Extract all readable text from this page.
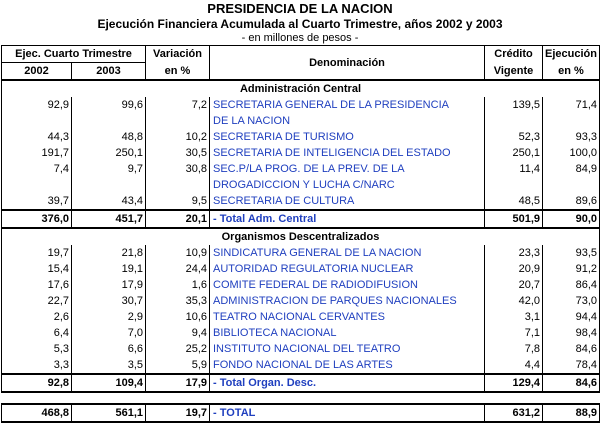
PRESIDENCIA DE LA NACION
Ejecución Financiera Acumulada al Cuarto Trimestre, años 2002 y 2003
- en millones de pesos -
Ejec. Cuarto Trimestre		Variación	Denominación	Crédito	Ejecución
2002	2003	en %		Vigente	en %
Administración Central					
92,9	99,6	7,2	SECRETARIA GENERAL DE LA PRESIDENCIA	139,5	71,4
			DE LA NACION		
44,3	48,8	10,2	SECRETARIA DE TURISMO	52,3	93,3
191,7	250,1	30,5	SECRETARIA DE INTELIGENCIA DEL ESTADO	250,1	100,0
7,4	9,7	30,8	SEC.P/LA PROG. DE LA PREV. DE LA	11,4	84,9
			DROGADICCION Y LUCHA C/NARC		
39,7	43,4	9,5	SECRETARIA DE CULTURA	48,5	89,6
376,0	451,7	20,1	- Total Adm. Central	501,9	90,0
Organismos Descentralizados					
19,7	21,8	10,9	SINDICATURA GENERAL DE LA NACION	23,3	93,5
15,4	19,1	24,4	AUTORIDAD REGULATORIA NUCLEAR	20,9	91,2
17,6	17,9	1,6	COMITE FEDERAL DE RADIODIFUSION	20,7	86,4
22,7	30,7	35,3	ADMINISTRACION DE PARQUES NACIONALES	42,0	73,0
2,6	2,9	10,6	TEATRO NACIONAL CERVANTES	3,1	94,4
6,4	7,0	9,4	BIBLIOTECA NACIONAL	7,1	98,4
5,3	6,6	25,2	INSTITUTO NACIONAL DEL TEATRO	7,8	84,6
3,3	3,5	5,9	FONDO NACIONAL DE LAS ARTES	4,4	78,4
92,8	109,4	17,9	- Total Organ. Desc.	129,4	84,6

468,8	561,1	19,7	- TOTAL	631,2	88,9
